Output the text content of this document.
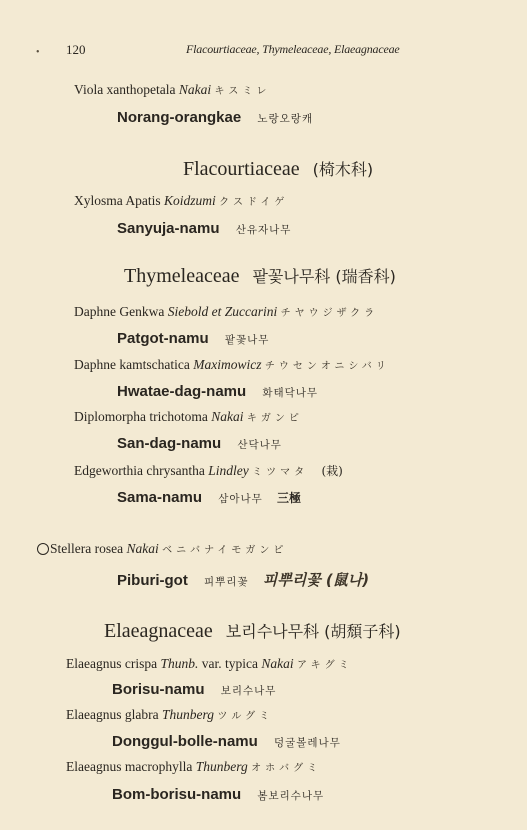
• 120	Flacourtiaceae, Thymeleaceae, Elaeagnaceae
Viola xanthopetala Nakai キスミレ
Norang-orangkae 노랑오랑캐
Flacourtiaceae (椅木科)
Xylosma Apatis Koidzumi クスドイゲ
Sanyuja-namu 산유자나무
Thymeleaceae 팥꽃나무科 (瑞香科)
Daphne Genkwa Siebold et Zuccarini チヤウジザクラ
Patgot-namu 팥꽃나무
Daphne kamtschatica Maximowicz チウセンオニシバリ
Hwatae-dag-namu 화태닥나무
Diplomorpha trichotoma Nakai キガンピ
San-dag-namu 산닥나무
Edgeworthia chrysantha Lindley ミツマタ (栽)
Sama-namu 삼아나무 三極
Stellera rosea Nakai ベニバナイモガンピ
Piburi-got 피뿌리꽃 피뿌리꽃 (鼠나)
Elaeagnaceae 보리수나무科 (胡頹子科)
Elaeagnus crispa Thunb. var. typica Nakai アキグミ
Borisu-namu 보리수나무
Elaeagnus glabra Thunberg ツルグミ
Donggul-bolle-namu 덩굴볼레나무
Elaeagnus macrophylla Thunberg オホバグミ
Bom-borisu-namu 봄보리수나무
